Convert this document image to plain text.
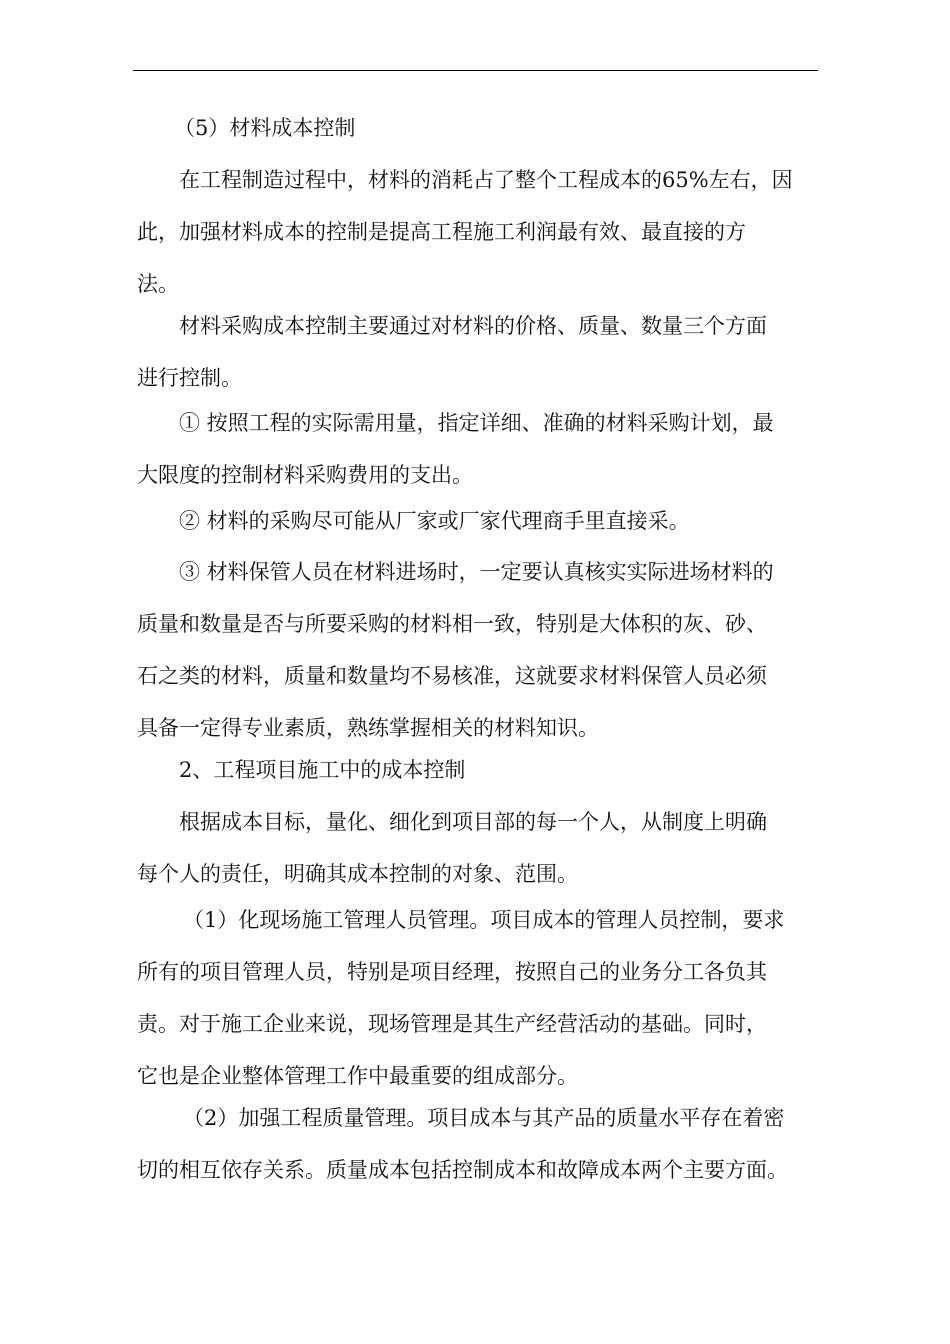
（5）材料成本控制
在工程制造过程中，材料的消耗占了整个工程成本的65%左右，因
此，加强材料成本的控制是提高工程施工利润最有效、最直接的方
法。
材料采购成本控制主要通过对材料的价格、质量、数量三个方面
进行控制。
① 按照工程的实际需用量，指定详细、准确的材料采购计划，最
大限度的控制材料采购费用的支出。
② 材料的采购尽可能从厂家或厂家代理商手里直接采。
③ 材料保管人员在材料进场时，一定要认真核实实际进场材料的
质量和数量是否与所要采购的材料相一致，特别是大体积的灰、砂、
石之类的材料，质量和数量均不易核准，这就要求材料保管人员必须
具备一定得专业素质，熟练掌握相关的材料知识。
2、工程项目施工中的成本控制
根据成本目标，量化、细化到项目部的每一个人，从制度上明确
每个人的责任，明确其成本控制的对象、范围。
（1）化现场施工管理人员管理。项目成本的管理人员控制，要求
所有的项目管理人员，特别是项目经理，按照自己的业务分工各负其
责。对于施工企业来说，现场管理是其生产经营活动的基础。同时，
它也是企业整体管理工作中最重要的组成部分。
（2）加强工程质量管理。项目成本与其产品的质量水平存在着密
切的相互依存关系。质量成本包括控制成本和故障成本两个主要方面。
